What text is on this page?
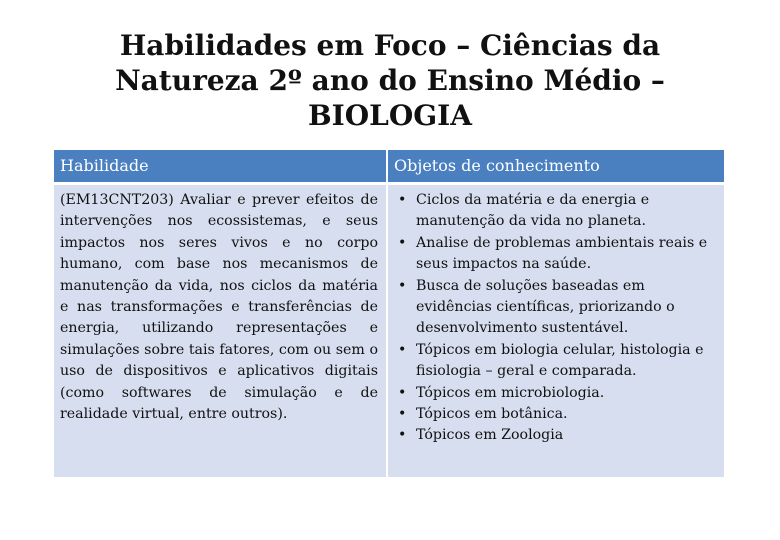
Habilidades em Foco – Ciências da
Natureza 2º ano do Ensino Médio –
BIOLOGIA
Habilidade	Objetos de conhecimento
(EM13CNT203) Avaliar e prever efeitos de intervenções nos ecossistemas, e seus impactos nos seres vivos e no corpo humano, com base nos mecanismos de manutenção da vida, nos ciclos da matéria e nas transformações e transferências de energia, utilizando representações e simulações sobre tais fatores, com ou sem o uso de dispositivos e aplicativos digitais (como softwares de simulação e de realidade virtual, entre outros).
• Ciclos da matéria e da energia e manutenção da vida no planeta.
• Analise de problemas ambientais reais e seus impactos na saúde.
• Busca de soluções baseadas em evidências científicas, priorizando o desenvolvimento sustentável.
• Tópicos em biologia celular, histologia e fisiologia – geral e comparada.
• Tópicos em microbiologia.
• Tópicos em botânica.
• Tópicos em Zoologia
